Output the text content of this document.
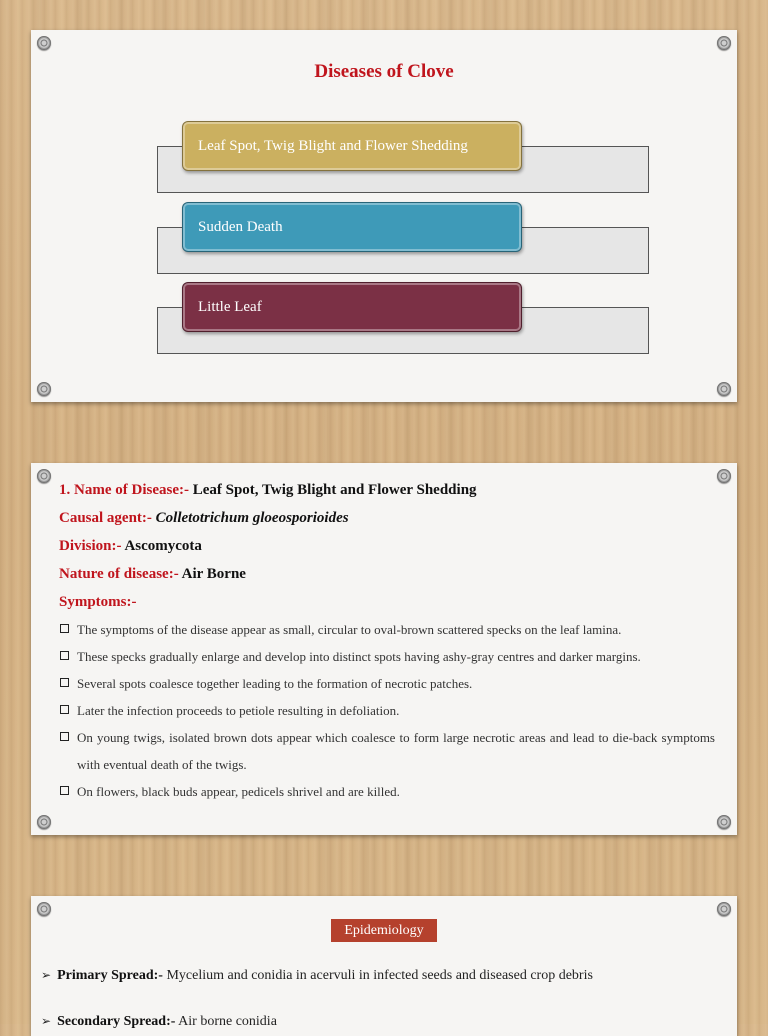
Diseases of Clove
Leaf Spot, Twig Blight and Flower Shedding
Sudden Death
Little Leaf
1. Name of Disease:- Leaf Spot, Twig Blight and Flower Shedding
Causal agent:- Colletotrichum gloeosporioides
Division:- Ascomycota
Nature of disease:- Air Borne
Symptoms:-
The symptoms of the disease appear as small, circular to oval-brown scattered specks on the leaf lamina.
These specks gradually enlarge and develop into distinct spots having ashy-gray centres and darker margins.
Several spots coalesce together leading to the formation of necrotic patches.
Later the infection proceeds to petiole resulting in defoliation.
On young twigs, isolated brown dots appear which coalesce to form large necrotic areas and lead to die-back symptoms with eventual death of the twigs.
On flowers, black buds appear, pedicels shrivel and are killed.
Epidemiology
➢ Primary Spread:- Mycelium and conidia in acervuli in infected seeds and diseased crop debris
➢ Secondary Spread:- Air borne conidia
